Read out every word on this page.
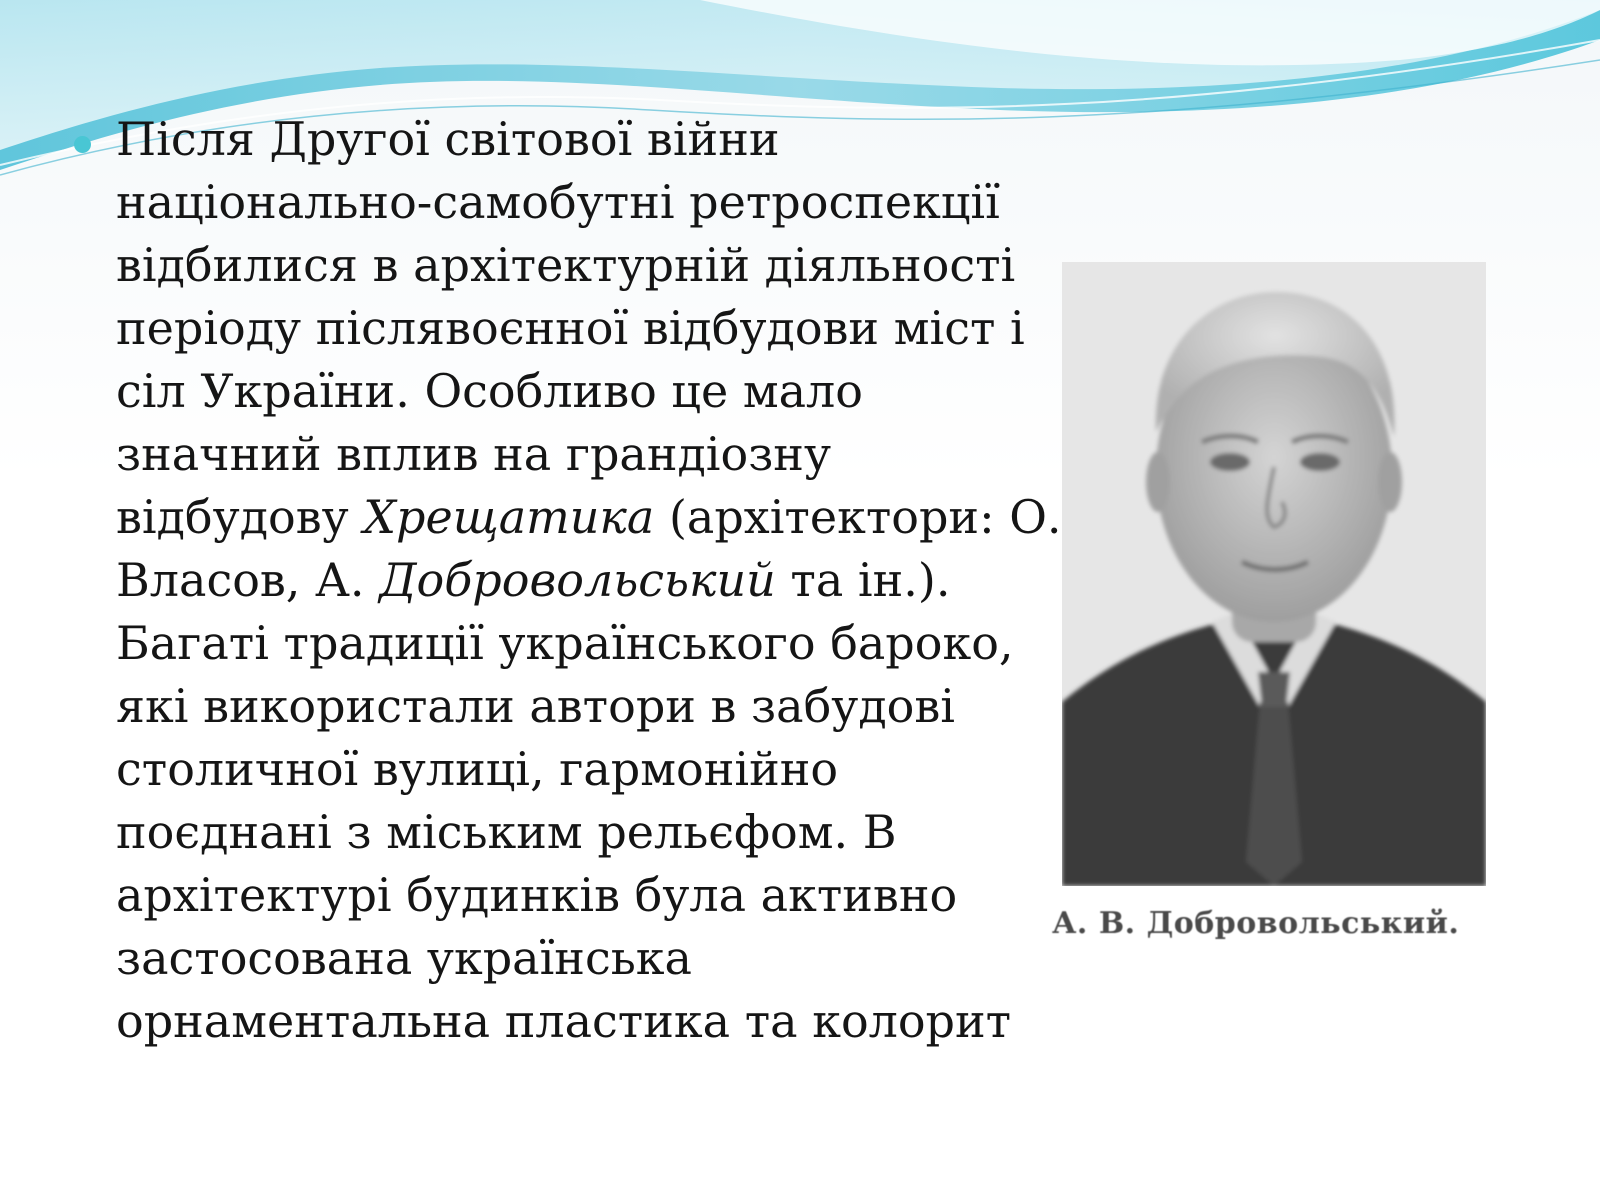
Після Другої світової війни національно-самобутні ретроспекції відбилися в архітектурній діяльності періоду післявоєнної відбудови міст і сіл України. Особливо це мало значний вплив на грандіозну відбудову Хрещатика (архітектори: О. Власов, А. Добровольський та ін.). Багаті традиції українського бароко, які використали автори в забудові столичної вулиці, гармонійно поєднані з міським рельєфом. В архітектурі будинків була активно застосована українська орнаментальна пластика та колорит
А. В. Добровольський.
